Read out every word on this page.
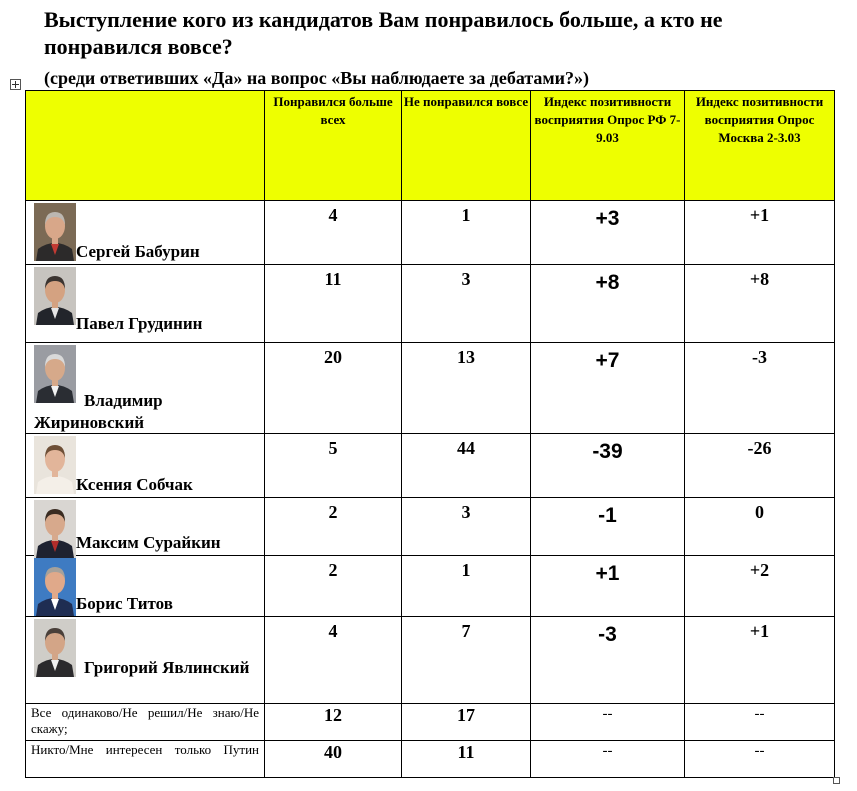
Выступление кого из кандидатов Вам понравилось больше, а кто не понравился вовсе?
(среди ответивших «Да» на вопрос «Вы наблюдаете за дебатами?»)
	Понравился больше всех	Не понравился вовсе	Индекс позитивности восприятия Опрос РФ 7-9.03	Индекс позитивности восприятия Опрос Москва 2-3.03

Сергей Бабурин	4	1	+3	+1

Павел Грудинин	11	3	+8	+8

Владимир Жириновский	20	13	+7	-3

Ксения Собчак	5	44	-39	-26

Максим Сурайкин	2	3	-1	0

Борис Титов	2	1	+1	+2

Григорий Явлинский	4	7	-3	+1

Все одинаково/Не решил/Не знаю/Не скажу;	12	17	--	--

Никто/Мне интересен только Путин	40	11	--	--
